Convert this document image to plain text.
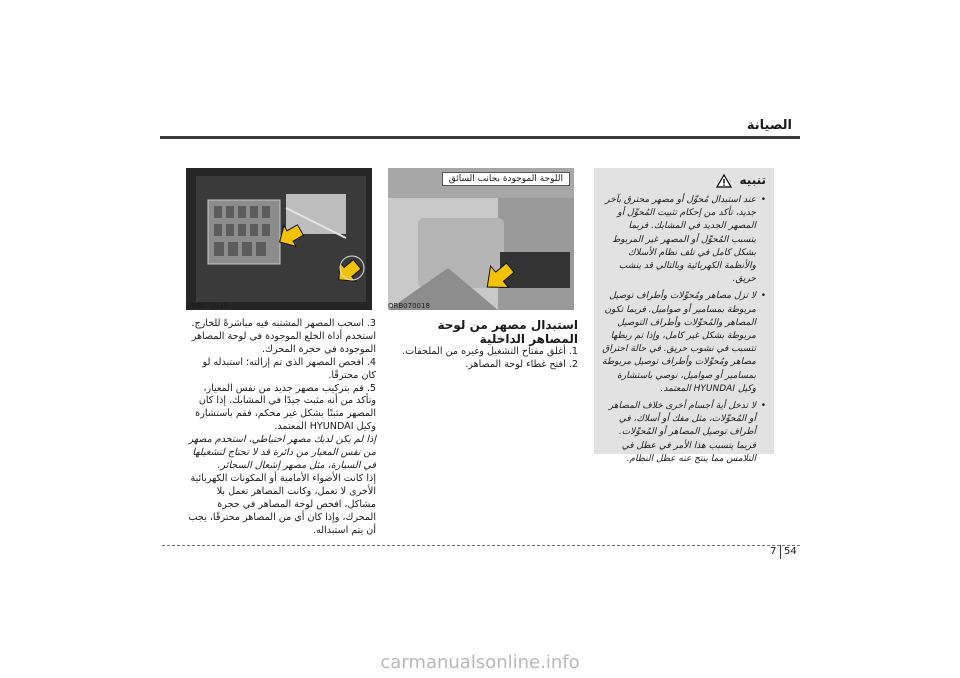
الصيانة
تنبيه
• عند استبدال مُحوِّل أو مصهر محترق بآخر جديد، تأكد من إحكام تثبيت المُحوِّل أو المصهر الجديد في المشابك. فربما يتسبب المُحوِّل أو المصهر غير المربوط بشكل كامل في تلف نظام الأسلاك والأنظمة الكهربائية وبالتالي قد ينشب حريق.
• لا تزل مصاهر ومُحوِّلات وأطراف توصيل مربوطة بمسامير أو صواميل. فربما تكون المصاهر والمُحوِّلات وأطراف التوصيل مربوطة بشكل غير كامل، وإذا تم ربطها تتسبب في نشوب حريق. في حالة احتراق مصاهر ومُحوِّلات وأطراف توصيل مربوطة بمسامير أو صواميل، نوصي باستشارة وكيل HYUNDAI المعتمد.
• لا تدخل أية أجسام أخرى خلاف المصاهر أو المُحوِّلات، مثل مفك أو أسلاك، في أطراف توصيل المصاهر أو المُحوِّلات. فربما يتسبب هذا الأمر في عطل في التلامس مما ينتج عنه عطل النظام.
ORB070019
اللوحة الموجودة بجانب السائق
ORB070018

3. اسحب المصهر المشتبه فيه مباشرةً للخارج. استخدم أداة الخلع الموجودة في لوحة المصاهر الموجودة في حجرة المحرك.

4. افحص المصهر الذي تم إزالته؛ استبدله لو كان محترقًا.

5. قم بتركيب مصهر جديد من نفس المعيار، وتأكد من أنه مثبت جيدًا في المشابك. إذا كان المصهر مثبتًا بشكل غير محكم، فقم باستشارة وكيل HYUNDAI المعتمد.

إذا لم يكن لديك مصهر احتياطي، استخدم مصهر من نفس المعيار من دائرة قد لا تحتاج لتشغيلها في السيارة، مثل مصهر إشعال السجائر.

إذا كانت الأضواء الأمامية أو المكونات الكهربائية الأخرى لا تعمل، وكانت المصاهر تعمل بلا مشاكل، افحص لوحة المصاهر في حجرة المحرك، وإذا كان أي من المصاهر محترقًا، يجب أن يتم استبداله.

استبدال مصهر من لوحة المصاهر الداخلية

1. أغلق مفتاح التشغيل وغيره من الملحقات.

2. افتح غطاء لوحة المصاهر.

7 54
carmanualsonline.info
